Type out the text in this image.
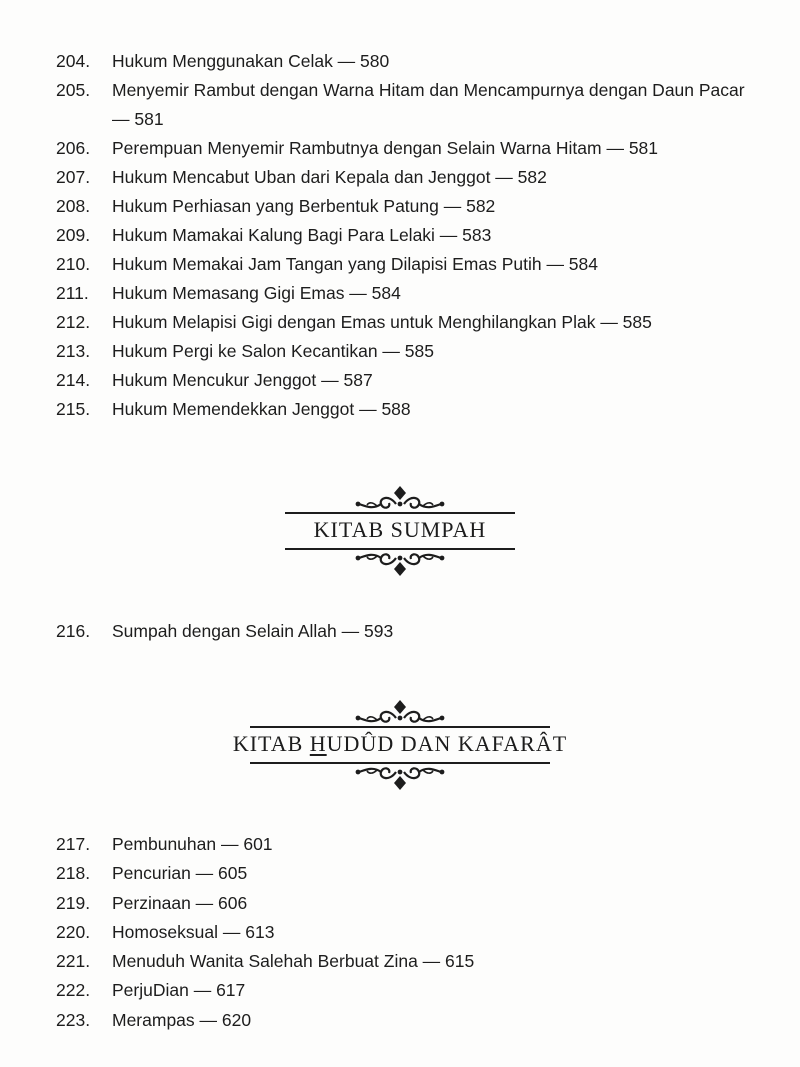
204.	Hukum Menggunakan Celak — 580
205.	Menyemir Rambut dengan Warna Hitam dan Mencampurnya dengan Daun Pacar — 581
206.	Perempuan Menyemir Rambutnya dengan Selain Warna Hitam — 581
207.	Hukum Mencabut Uban dari Kepala dan Jenggot — 582
208.	Hukum Perhiasan yang Berbentuk Patung — 582
209.	Hukum Mamakai Kalung Bagi Para Lelaki — 583
210.	Hukum Memakai Jam Tangan yang Dilapisi Emas Putih — 584
211.	Hukum Memasang Gigi Emas — 584
212.	Hukum Melapisi Gigi dengan Emas untuk Menghilangkan Plak — 585
213.	Hukum Pergi ke Salon Kecantikan — 585
214.	Hukum Mencukur Jenggot — 587
215.	Hukum Memendekkan Jenggot — 588
KITAB SUMPAH
216.	Sumpah dengan Selain Allah — 593
KITAB HUDÛD DAN KAFARÂT
217.	Pembunuhan — 601
218.	Pencurian — 605
219.	Perzinaan — 606
220.	Homoseksual — 613
221.	Menuduh Wanita Salehah Berbuat Zina — 615
222.	PerjuDian — 617
223.	Merampas — 620
